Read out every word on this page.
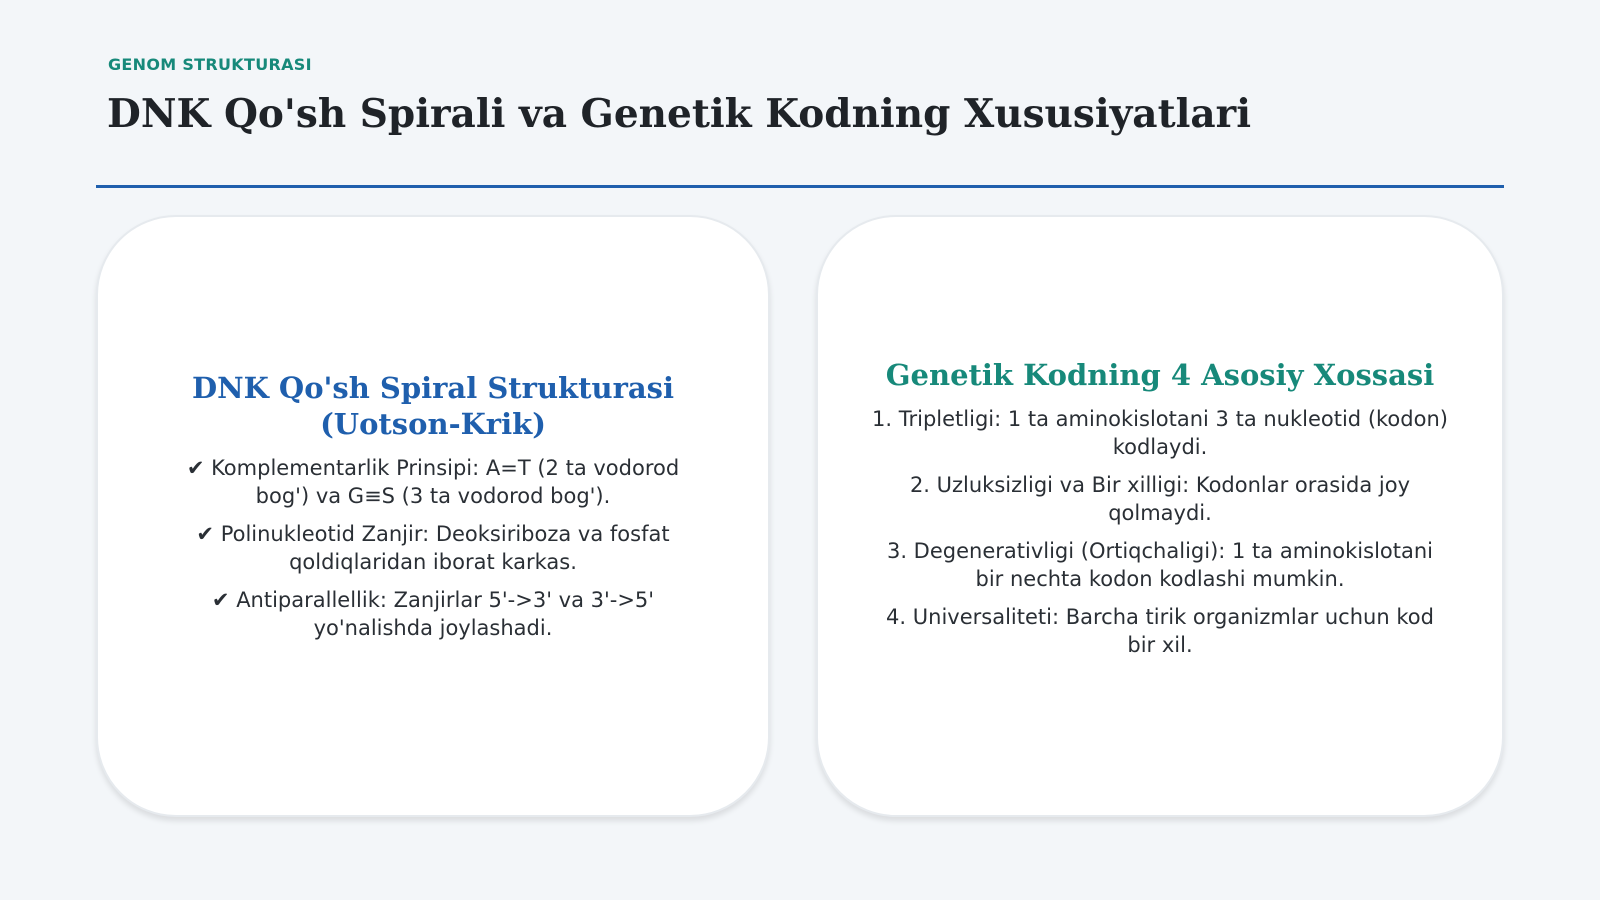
GENOM STRUKTURASI
DNK Qo'sh Spirali va Genetik Kodning Xususiyatlari
DNK Qo'sh Spiral Strukturasi (Uotson-Krik)
✔ Komplementarlik Prinsipi: A=T (2 ta vodorod bog') va G≡S (3 ta vodorod bog').
✔ Polinukleotid Zanjir: Deoksiriboza va fosfat qoldiqlaridan iborat karkas.
✔ Antiparallellik: Zanjirlar 5'->3' va 3'->5' yo'nalishda joylashadi.
Genetik Kodning 4 Asosiy Xossasi
1. Tripletligi: 1 ta aminokislotani 3 ta nukleotid (kodon) kodlaydi.
2. Uzluksizligi va Bir xilligi: Kodonlar orasida joy qolmaydi.
3. Degenerativligi (Ortiqchaligi): 1 ta aminokislotani bir nechta kodon kodlashi mumkin.
4. Universaliteti: Barcha tirik organizmlar uchun kod bir xil.
